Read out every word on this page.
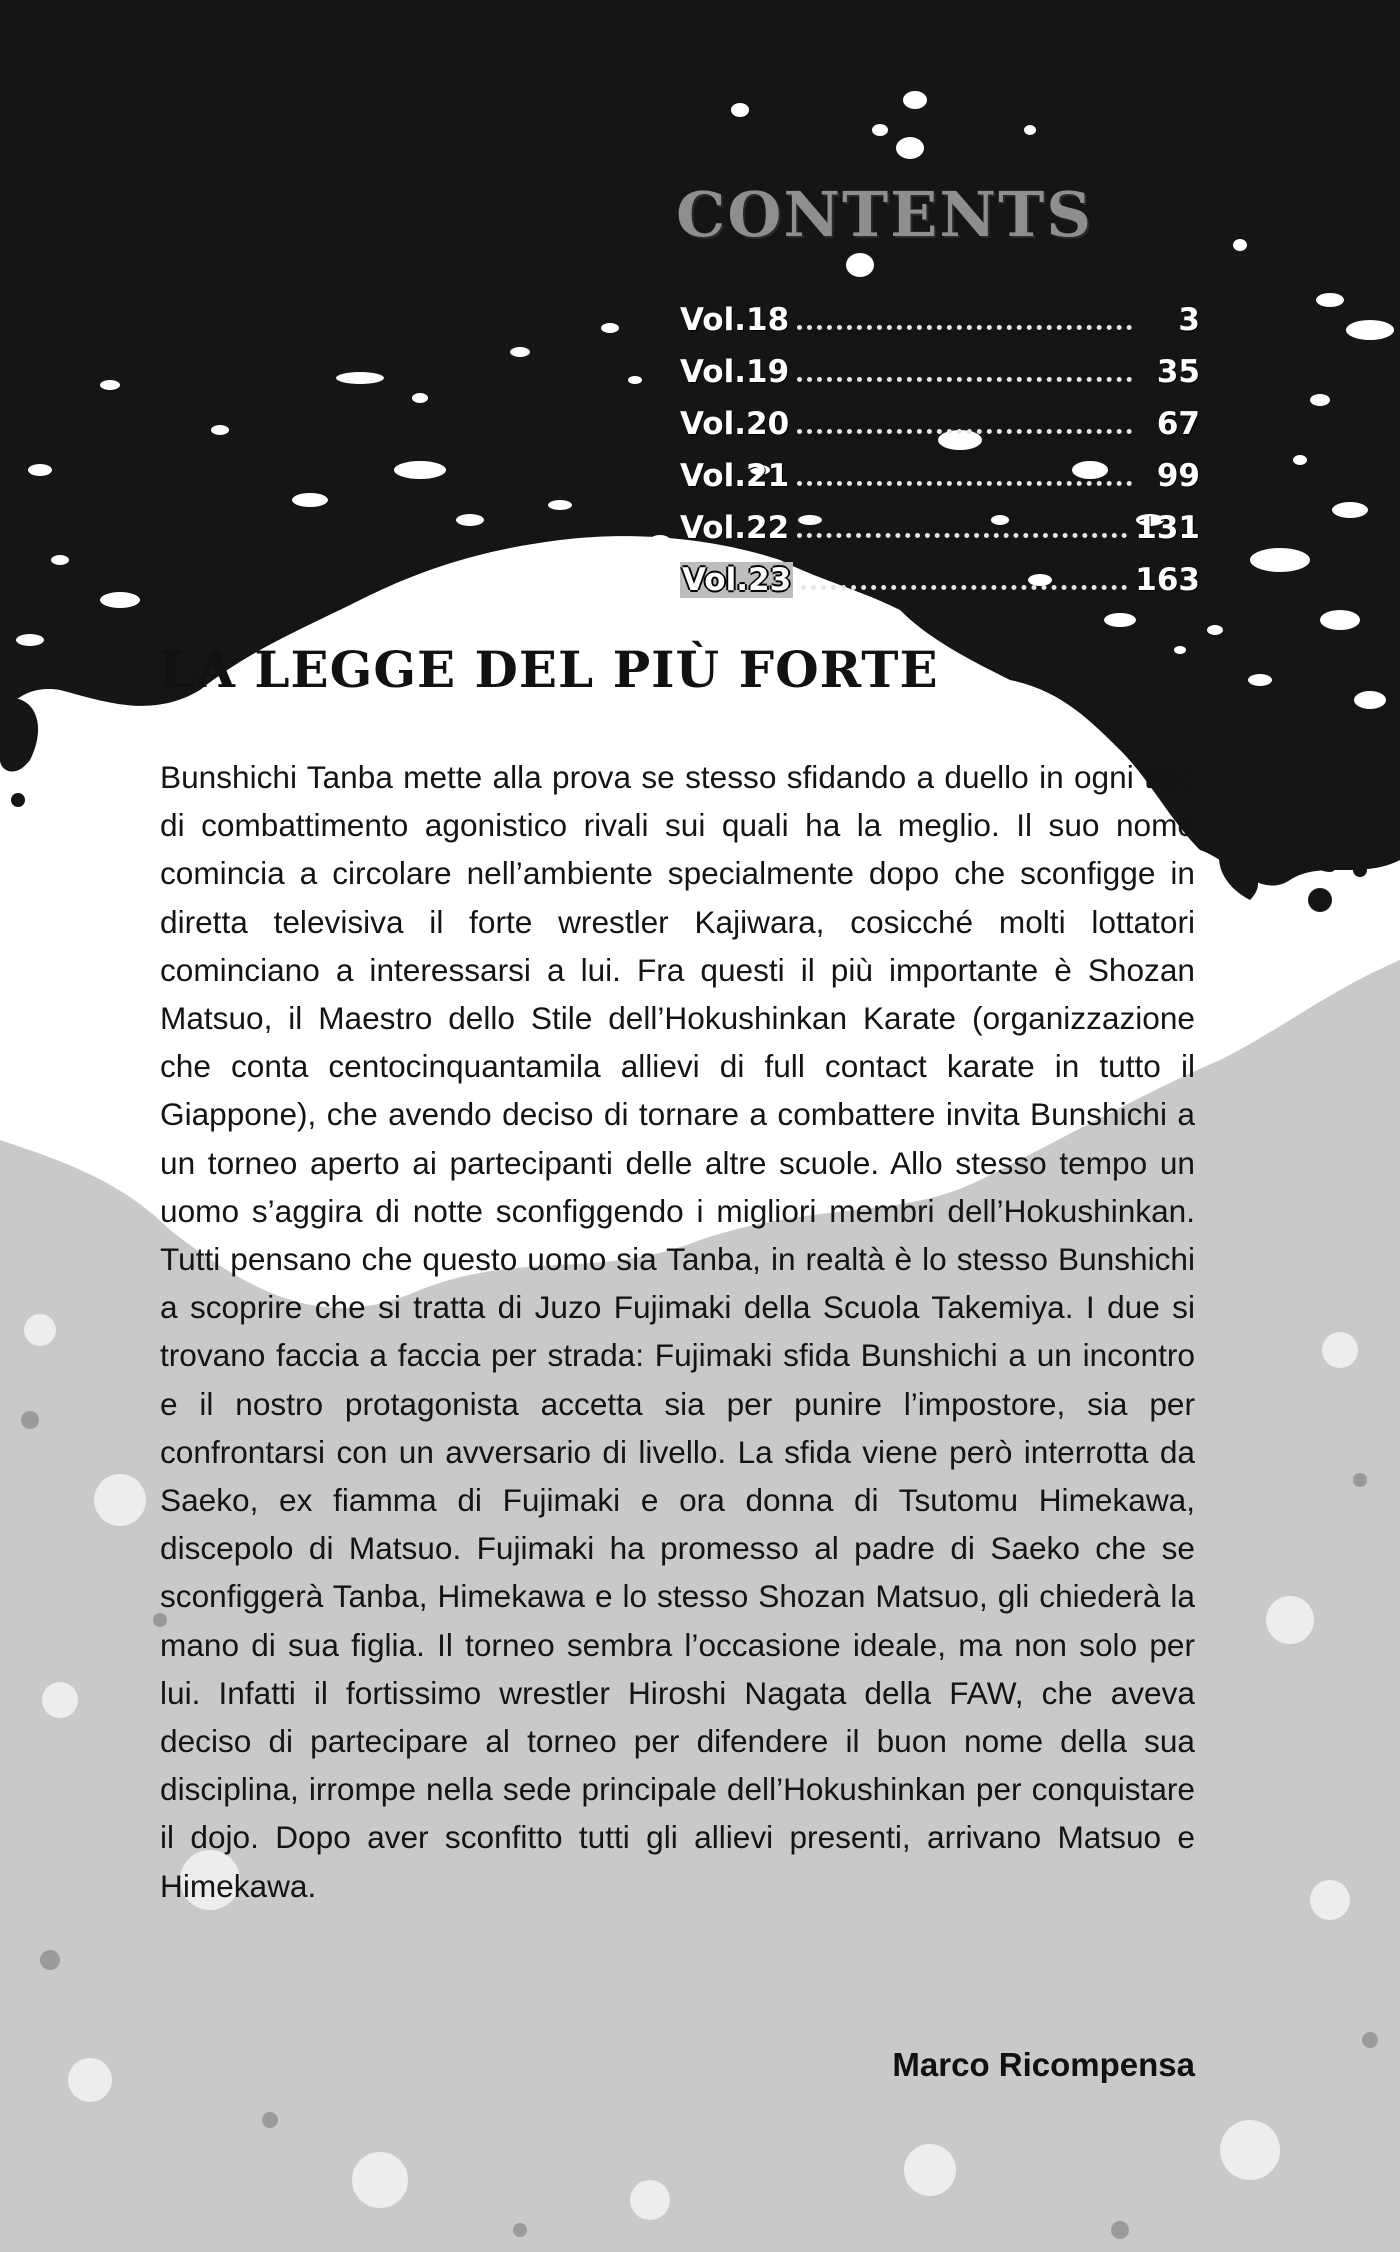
CONTENTS
Vol.18	3
Vol.19	35
Vol.20	67
Vol.21	99
Vol.22	131
Vol.23	163
LA LEGGE DEL PIÙ FORTE

Bunshichi Tanba mette alla prova se stesso sfidando a duello in ogni tipo di combattimento agonistico rivali sui quali ha la meglio. Il suo nome comincia a circolare nell’ambiente specialmente dopo che sconfigge in diretta televisiva il forte wrestler Kajiwara, cosicché molti lottatori cominciano a interessarsi a lui. Fra questi il più importante è Shozan Matsuo, il Maestro dello Stile dell’Hokushinkan Karate (organizzazione che conta centocinquantamila allievi di full contact karate in tutto il Giappone), che avendo deciso di tornare a combattere invita Bunshichi a un torneo aperto ai partecipanti delle altre scuole. Allo stesso tempo un uomo s’aggira di notte sconfiggendo i migliori membri dell’Hokushinkan. Tutti pensano che questo uomo sia Tanba, in realtà è lo stesso Bunshichi a scoprire che si tratta di Juzo Fujimaki della Scuola Takemiya. I due si trovano faccia a faccia per strada: Fujimaki sfida Bunshichi a un incontro e il nostro protagonista accetta sia per punire l’impostore, sia per confrontarsi con un avversario di livello. La sfida viene però interrotta da Saeko, ex fiamma di Fujimaki e ora donna di Tsutomu Himekawa, discepolo di Matsuo. Fujimaki ha promesso al padre di Saeko che se sconfiggerà Tanba, Himekawa e lo stesso Shozan Matsuo, gli chiederà la mano di sua figlia. Il torneo sembra l’occasione ideale, ma non solo per lui. Infatti il fortissimo wrestler Hiroshi Nagata della FAW, che aveva deciso di partecipare al torneo per difendere il buon nome della sua disciplina, irrompe nella sede principale dell’Hokushinkan per conquistare il dojo. Dopo aver sconfitto tutti gli allievi presenti, arrivano Matsuo e Himekawa.

Marco Ricompensa
